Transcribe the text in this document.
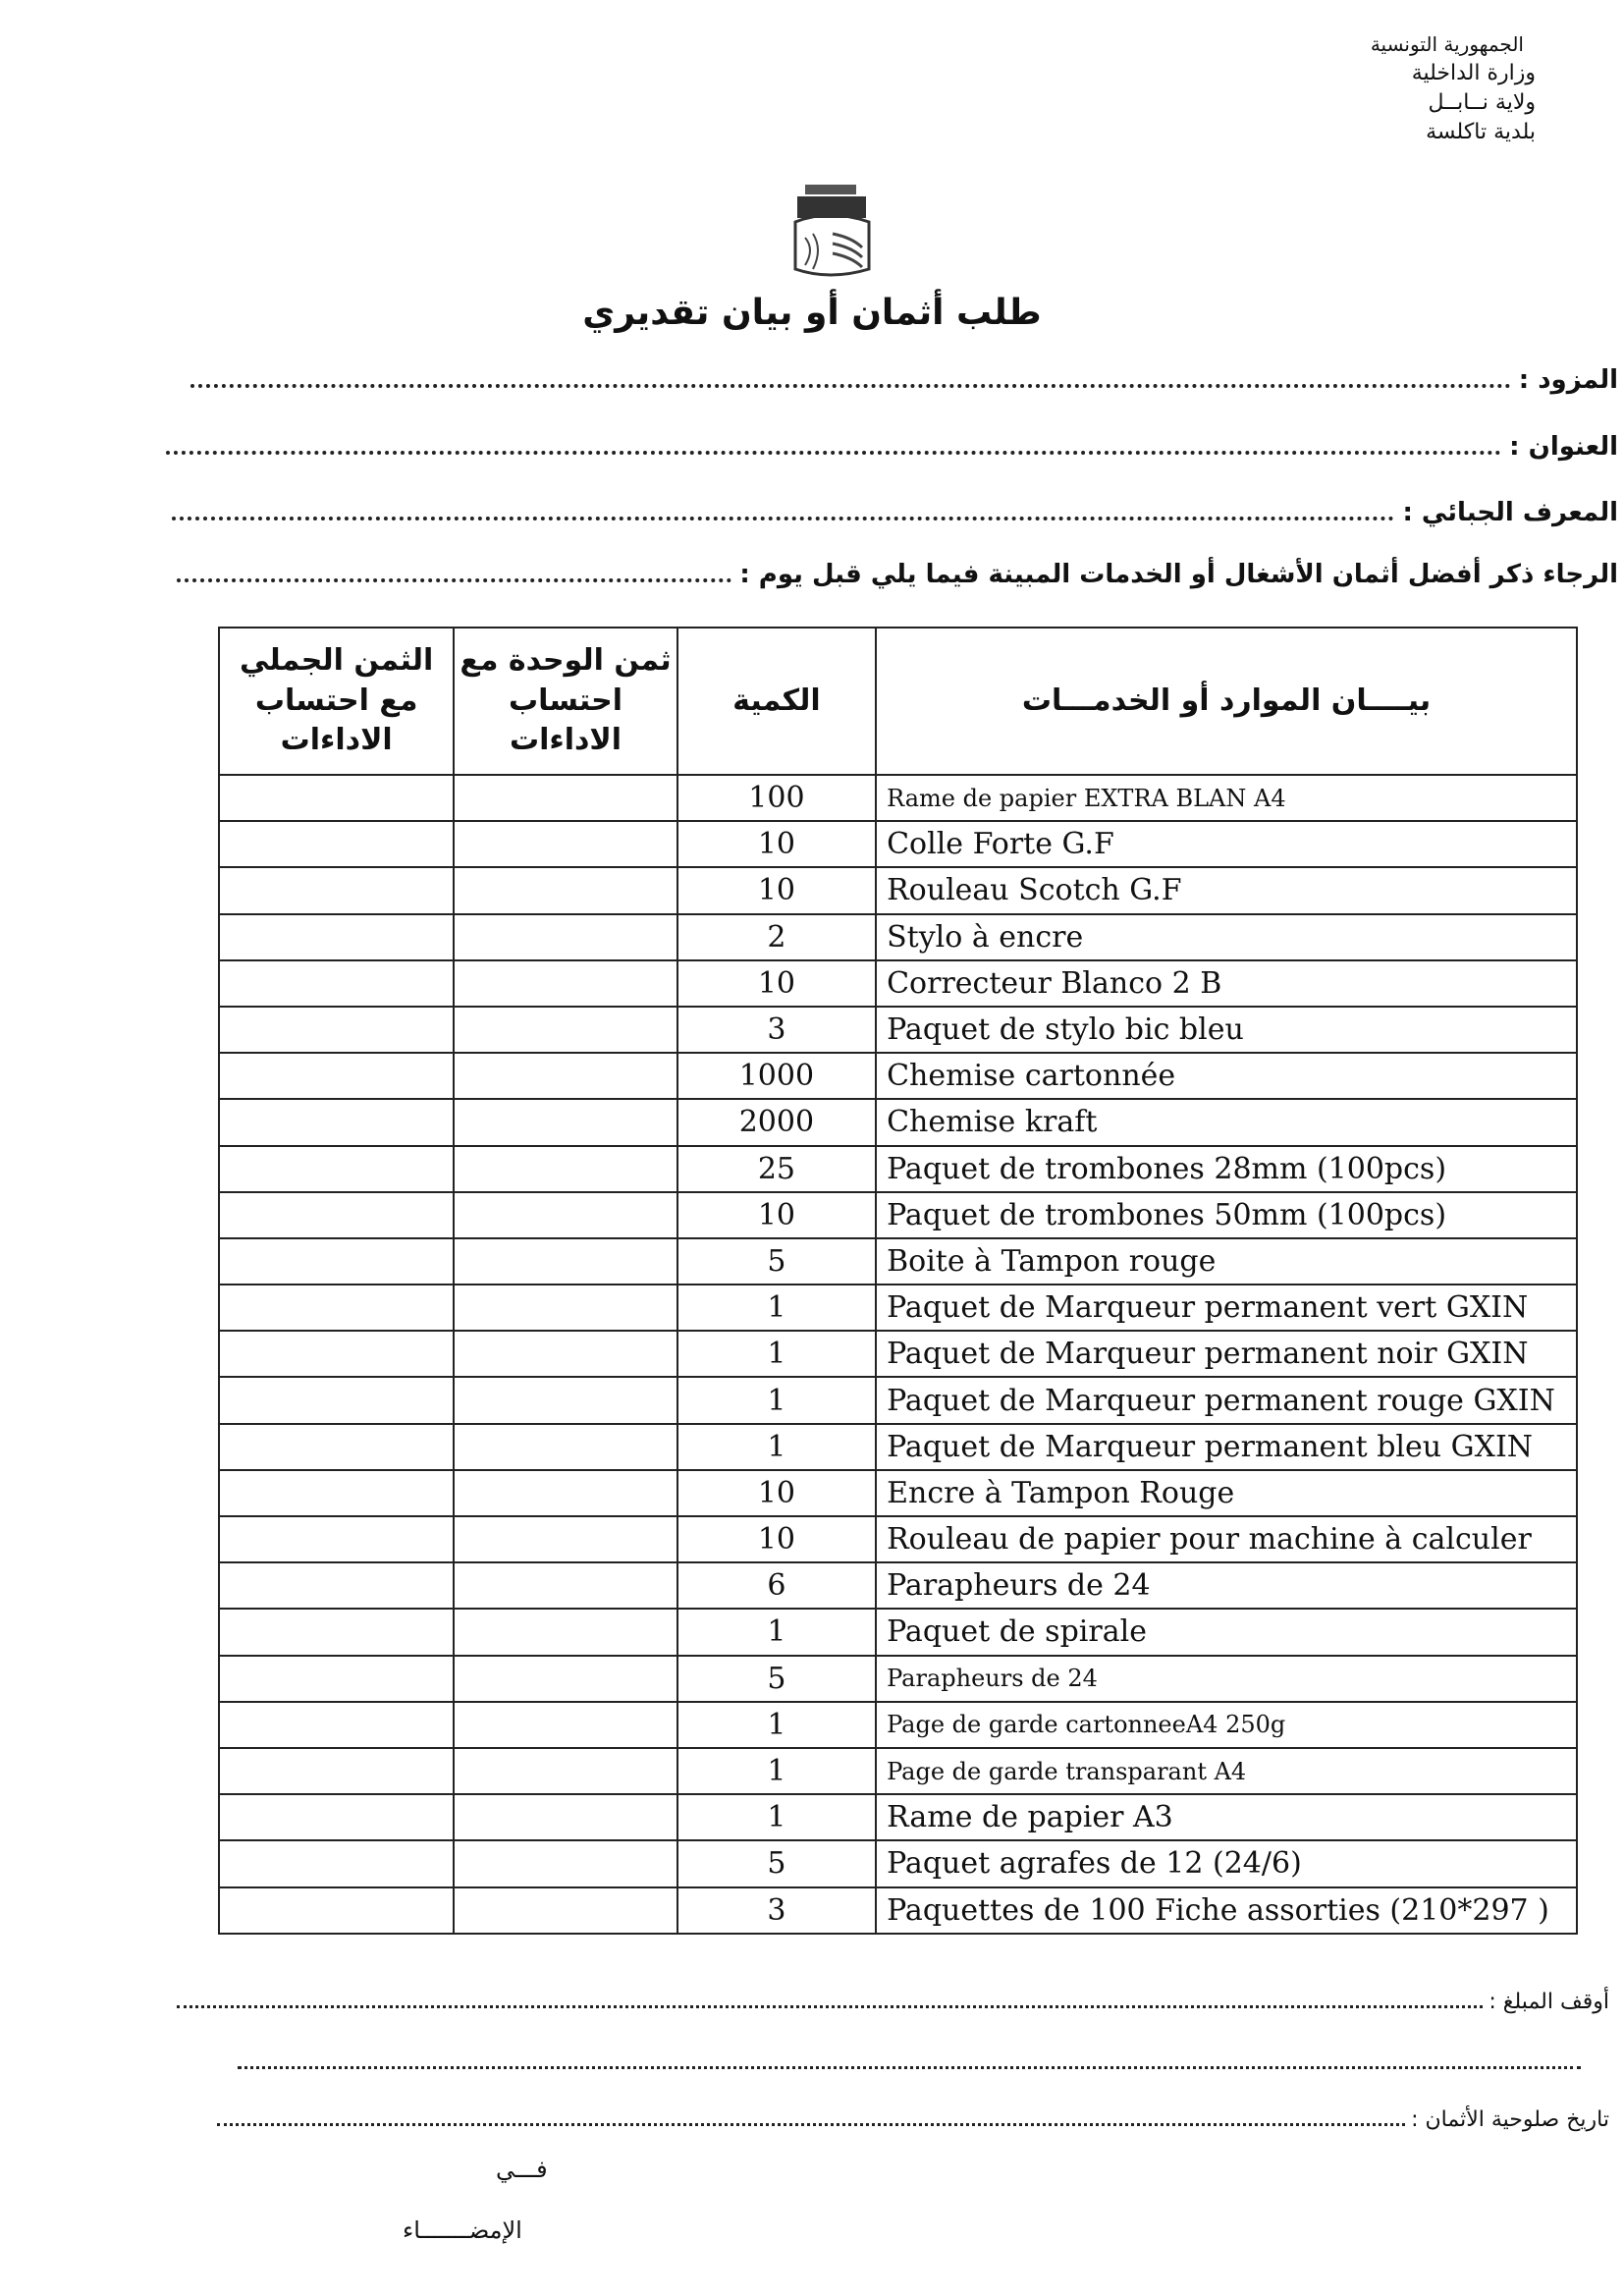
الجمهورية التونسية
وزارة الداخلية
ولاية نــابــل
بلدية تاكلسة
طلب أثمان أو بيان تقديري
المزود :
العنوان :
المعرف الجبائي :
الرجاء ذكر أفضل أثمان الأشغال أو الخدمات المبينة فيما يلي قبل يوم :
الثمن الجملي مع احتساب الاداءات	ثمن الوحدة مع احتساب الاداءات	الكمية	بيــــان الموارد أو الخدمـــات
		100	Rame de papier EXTRA BLAN A4
		10	Colle Forte G.F
		10	Rouleau Scotch G.F
		2	Stylo à encre
		10	Correcteur Blanco 2 B
		3	Paquet de stylo bic bleu
		1000	Chemise cartonnée
		2000	Chemise kraft
		25	Paquet de trombones 28mm (100pcs)
		10	Paquet de trombones 50mm (100pcs)
		5	Boite à Tampon rouge
		1	Paquet de Marqueur permanent vert GXIN
		1	Paquet de Marqueur permanent noir GXIN
		1	Paquet de Marqueur permanent rouge GXIN
		1	Paquet de Marqueur permanent bleu GXIN
		10	Encre à Tampon Rouge
		10	Rouleau de papier pour machine à calculer
		6	Parapheurs de 24
		1	Paquet de spirale
		5	Parapheurs de 24
		1	Page de garde cartonneeA4 250g
		1	Page de garde transparant A4
		1	Rame de papier A3
		5	Paquet agrafes de 12 (24/6)
		3	Paquettes de 100 Fiche assorties (210*297 )
أوقف المبلغ :
تاريخ صلوحية الأثمان :
فـــي
الإمضـــــــاء
